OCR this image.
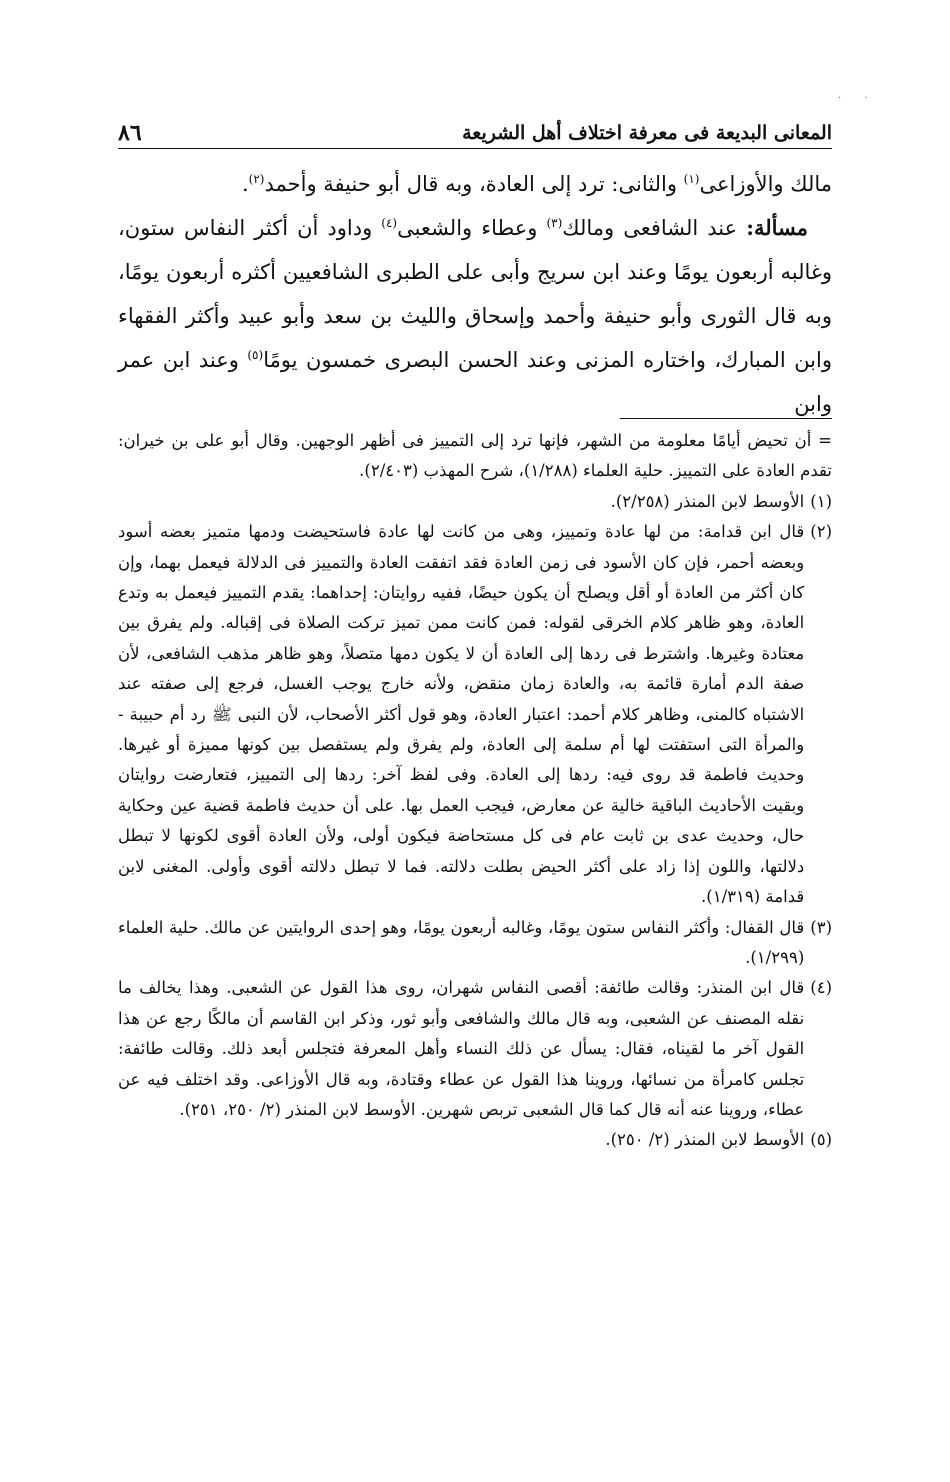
· ·
المعانى البديعة فى معرفة اختلاف أهل الشريعة
٨٦

مالك والأوزاعى$^{(١)}$ والثانى: ترد إلى العادة، وبه قال أبو حنيفة وأحمد$^{(٢)}$.

مسألة: عند الشافعى ومالك$^{(٣)}$ وعطاء والشعبى$^{(٤)}$ وداود أن أكثر النفاس ستون، وغالبه أربعون يومًا وعند ابن سريج وأبى على الطبرى الشافعيين أكثره أربعون يومًا، وبه قال الثورى وأبو حنيفة وأحمد وإسحاق والليث بن سعد وأبو عبيد وأكثر الفقهاء وابن المبارك، واختاره المزنى وعند الحسن البصرى خمسون يومًا$^{(٥)}$ وعند ابن عمر وابن

= أن تحيض أيامًا معلومة من الشهر، فإنها ترد إلى التمييز فى أظهر الوجهين. وقال أبو على بن خيران: تقدم العادة على التمييز. حلية العلماء (١/٢٨٨)، شرح المهذب (٢/٤٠٣).
(١)
الأوسط لابن المنذر (٢/٢٥٨).
(٢)
قال ابن قدامة: من لها عادة وتمييز، وهى من كانت لها عادة فاستحيضت ودمها متميز بعضه أسود وبعضه أحمر، فإن كان الأسود فى زمن العادة فقد اتفقت العادة والتمييز فى الدلالة فيعمل بهما، وإن كان أكثر من العادة أو أقل ويصلح أن يكون حيضًا، ففيه روايتان: إحداهما: يقدم التمييز فيعمل به وتدع العادة، وهو ظاهر كلام الخرقى لقوله: فمن كانت ممن تميز تركت الصلاة فى إقباله. ولم يفرق بين معتادة وغيرها. واشترط فى ردها إلى العادة أن لا يكون دمها متصلاً، وهو ظاهر مذهب الشافعى، لأن صفة الدم أمارة قائمة به، والعادة زمان منقض، ولأنه خارج يوجب الغسل، فرجع إلى صفته عند الاشتباه كالمنى، وظاهر كلام أحمد: اعتبار العادة، وهو قول أكثر الأصحاب، لأن النبى ﷺ رد أم حبيبة - والمرأة التى استفتت لها أم سلمة إلى العادة، ولم يفرق ولم يستفصل بين كونها مميزة أو غيرها. وحديث فاطمة قد روى فيه: ردها إلى العادة. وفى لفظ آخر: ردها إلى التمييز، فتعارضت روايتان وبقيت الأحاديث الباقية خالية عن معارض، فيجب العمل بها. على أن حديث فاطمة قضية عين وحكاية حال، وحديث عدى بن ثابت عام فى كل مستحاضة فيكون أولى، ولأن العادة أقوى لكونها لا تبطل دلالتها، واللون إذا زاد على أكثر الحيض بطلت دلالته. فما لا تبطل دلالته أقوى وأولى. المغنى لابن قدامة (١/٣١٩).
(٣)
قال القفال: وأكثر النفاس ستون يومًا، وغالبه أربعون يومًا، وهو إحدى الروايتين عن مالك. حلية العلماء (١/٢٩٩).
(٤)
قال ابن المنذر: وقالت طائفة: أقصى النفاس شهران، روى هذا القول عن الشعبى. وهذا يخالف ما نقله المصنف عن الشعبى، وبه قال مالك والشافعى وأبو ثور، وذكر ابن القاسم أن مالكًا رجع عن هذا القول آخر ما لقيناه، فقال: يسأل عن ذلك النساء وأهل المعرفة فتجلس أبعد ذلك. وقالت طائفة: تجلس كامرأة من نسائها، وروينا هذا القول عن عطاء وقتادة، وبه قال الأوزاعى. وقد اختلف فيه عن عطاء، وروينا عنه أنه قال كما قال الشعبى تربص شهرين. الأوسط لابن المنذر (٢/ ٢٥٠، ٢٥١).
(٥)
الأوسط لابن المنذر (٢/ ٢٥٠).
